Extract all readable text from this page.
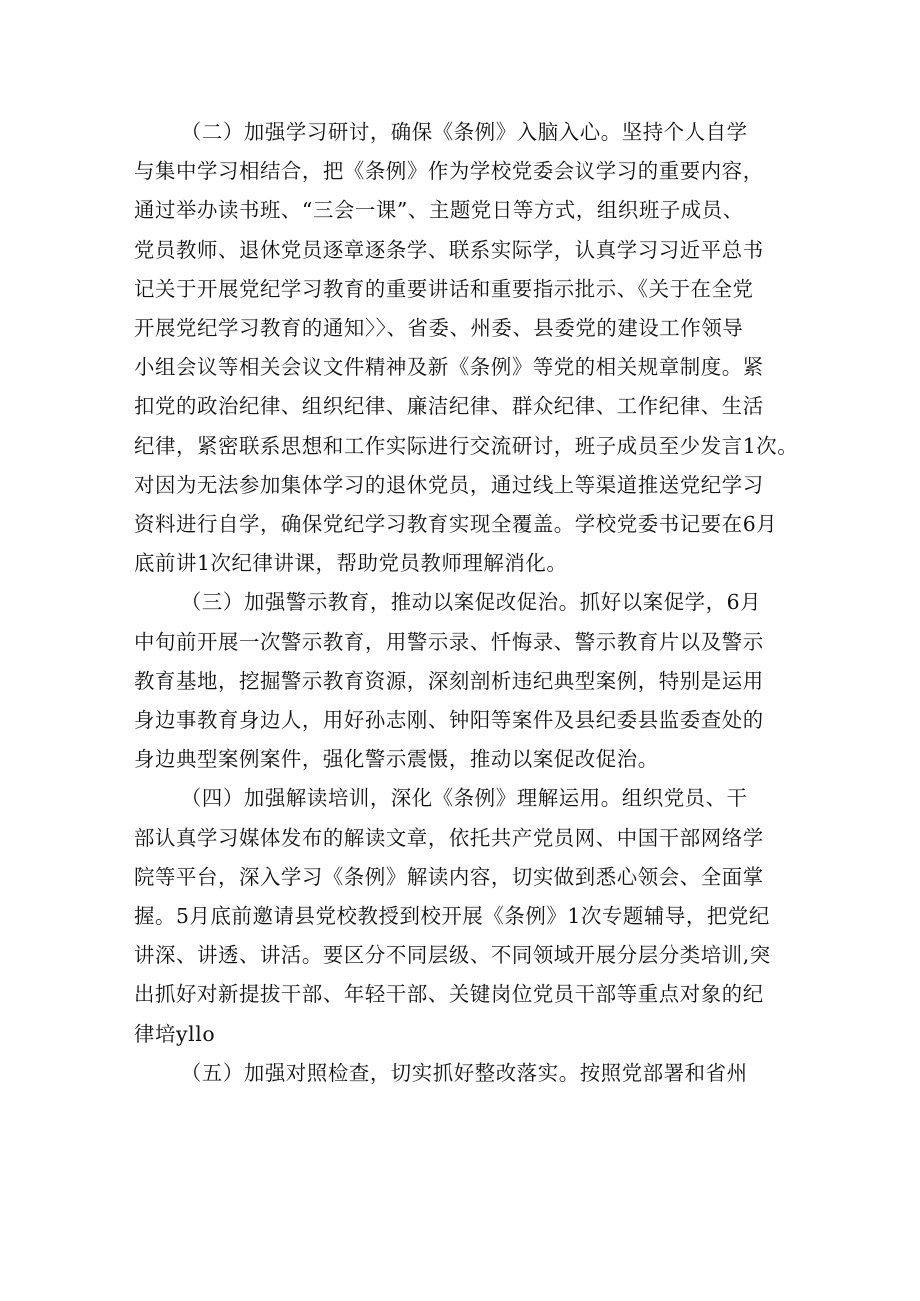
（二）加强学习研讨，确保《条例》入脑入心。坚持个人自学
与集中学习相结合，把《条例》作为学校党委会议学习的重要内容，
通过举办读书班、“三会一课”、主题党日等方式，组织班子成员、
党员教师、退休党员逐章逐条学、联系实际学，认真学习习近平总书
记关于开展党纪学习教育的重要讲话和重要指示批示、《关于在全党
开展党纪学习教育的通知〉〉、省委、州委、县委党的建设工作领导
小组会议等相关会议文件精神及新《条例》等党的相关规章制度。紧
扣党的政治纪律、组织纪律、廉洁纪律、群众纪律、工作纪律、生活
纪律，紧密联系思想和工作实际进行交流研讨，班子成员至少发言1次。
对因为无法参加集体学习的退休党员，通过线上等渠道推送党纪学习
资料进行自学，确保党纪学习教育实现全覆盖。学校党委书记要在6月
底前讲1次纪律讲课，帮助党员教师理解消化。

（三）加强警示教育，推动以案促改促治。抓好以案促学，6月
中旬前开展一次警示教育，用警示录、忏悔录、警示教育片以及警示
教育基地，挖掘警示教育资源，深刻剖析违纪典型案例，特别是运用
身边事教育身边人，用好孙志刚、钟阳等案件及县纪委县监委查处的
身边典型案例案件，强化警示震慑，推动以案促改促治。

（四）加强解读培训，深化《条例》理解运用。组织党员、干
部认真学习媒体发布的解读文章，依托共产党员网、中国干部网络学
院等平台，深入学习《条例》解读内容，切实做到悉心领会、全面掌
握。5月底前邀请县党校教授到校开展《条例》1次专题辅导，把党纪
讲深、讲透、讲活。要区分不同层级、不同领域开展分层分类培训,突
出抓好对新提拔干部、年轻干部、关键岗位党员干部等重点对象的纪
律培yllo

（五）加强对照检查，切实抓好整改落实。按照党部署和省州
